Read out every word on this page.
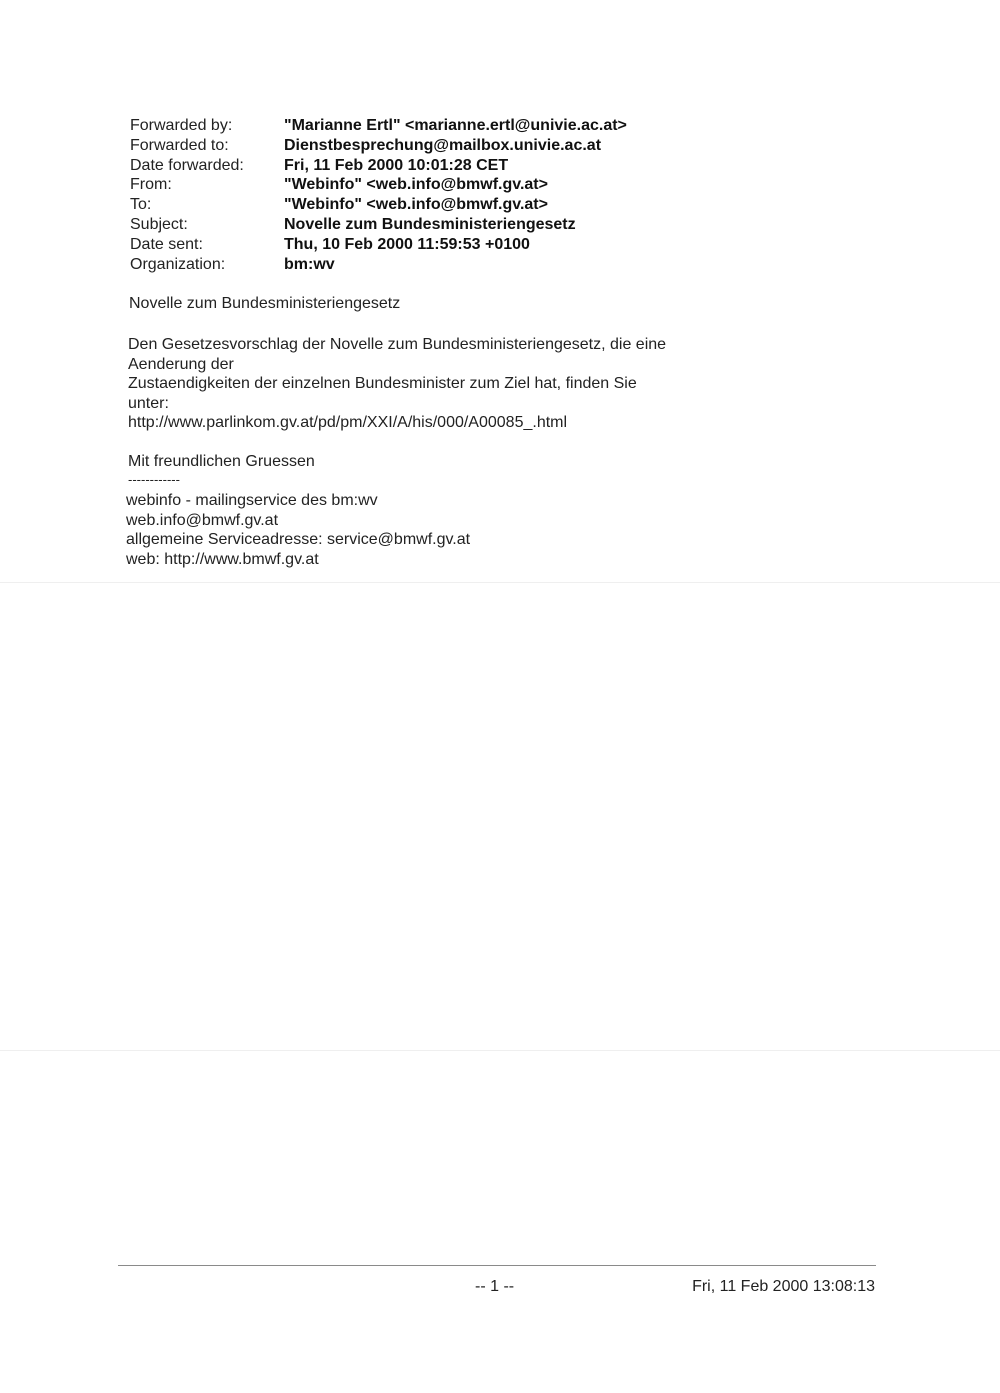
Forwarded by:	"Marianne Ertl" <marianne.ertl@univie.ac.at>
Forwarded to:	Dienstbesprechung@mailbox.univie.ac.at
Date forwarded:	Fri, 11 Feb 2000 10:01:28 CET
From:	"Webinfo" <web.info@bmwf.gv.at>
To:	"Webinfo" <web.info@bmwf.gv.at>
Subject:	Novelle zum Bundesministeriengesetz
Date sent:	Thu, 10 Feb 2000 11:59:53 +0100
Organization:	bm:wv
Novelle zum Bundesministeriengesetz
Den Gesetzesvorschlag der Novelle zum Bundesministeriengesetz, die eine
Aenderung der
Zustaendigkeiten der einzelnen Bundesminister zum Ziel hat, finden Sie
unter:
http://www.parlinkom.gv.at/pd/pm/XXI/A/his/000/A00085_.html
Mit freundlichen Gruessen
------------
webinfo - mailingservice des bm:wv
web.info@bmwf.gv.at
allgemeine Serviceadresse: service@bmwf.gv.at
web: http://www.bmwf.gv.at
-- 1 --	Fri, 11 Feb 2000 13:08:13
